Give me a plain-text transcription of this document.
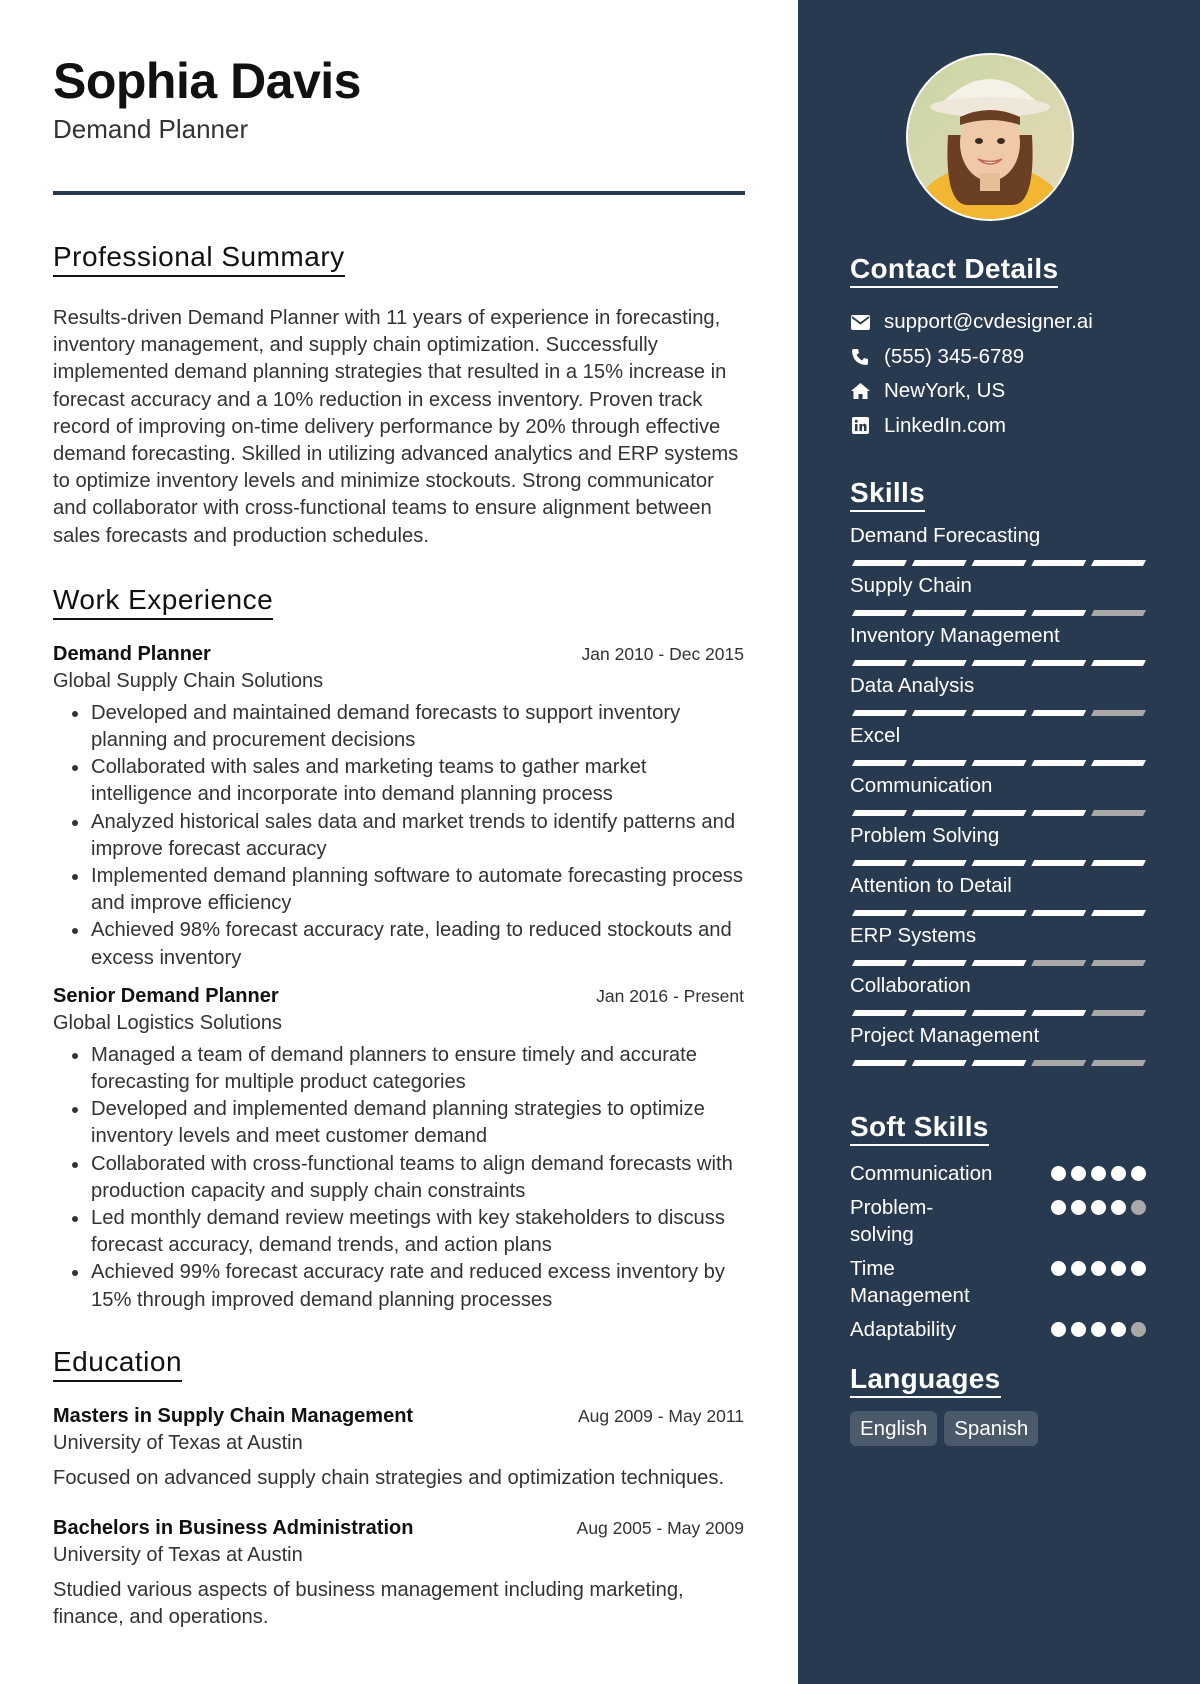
Sophia Davis
Demand Planner
Professional Summary
Results-driven Demand Planner with 11 years of experience in forecasting, inventory management, and supply chain optimization. Successfully implemented demand planning strategies that resulted in a 15% increase in forecast accuracy and a 10% reduction in excess inventory. Proven track record of improving on-time delivery performance by 20% through effective demand forecasting. Skilled in utilizing advanced analytics and ERP systems to optimize inventory levels and minimize stockouts. Strong communicator and collaborator with cross-functional teams to ensure alignment between sales forecasts and production schedules.
Work Experience
Demand Planner	Jan 2010 - Dec 2015
Global Supply Chain Solutions
• Developed and maintained demand forecasts to support inventory planning and procurement decisions
• Collaborated with sales and marketing teams to gather market intelligence and incorporate into demand planning process
• Analyzed historical sales data and market trends to identify patterns and improve forecast accuracy
• Implemented demand planning software to automate forecasting process and improve efficiency
• Achieved 98% forecast accuracy rate, leading to reduced stockouts and excess inventory
Senior Demand Planner	Jan 2016 - Present
Global Logistics Solutions
• Managed a team of demand planners to ensure timely and accurate forecasting for multiple product categories
• Developed and implemented demand planning strategies to optimize inventory levels and meet customer demand
• Collaborated with cross-functional teams to align demand forecasts with production capacity and supply chain constraints
• Led monthly demand review meetings with key stakeholders to discuss forecast accuracy, demand trends, and action plans
• Achieved 99% forecast accuracy rate and reduced excess inventory by 15% through improved demand planning processes
Education
Masters in Supply Chain Management	Aug 2009 - May 2011
University of Texas at Austin
Focused on advanced supply chain strategies and optimization techniques.
Bachelors in Business Administration	Aug 2005 - May 2009
University of Texas at Austin
Studied various aspects of business management including marketing, finance, and operations.
Contact Details
support@cvdesigner.ai
(555) 345-6789
NewYork, US
LinkedIn.com
Skills
Demand Forecasting
Supply Chain
Inventory Management
Data Analysis
Excel
Communication
Problem Solving
Attention to Detail
ERP Systems
Collaboration
Project Management
Soft Skills
Communication
Problem-solving
Time Management
Adaptability
Languages
English	Spanish
